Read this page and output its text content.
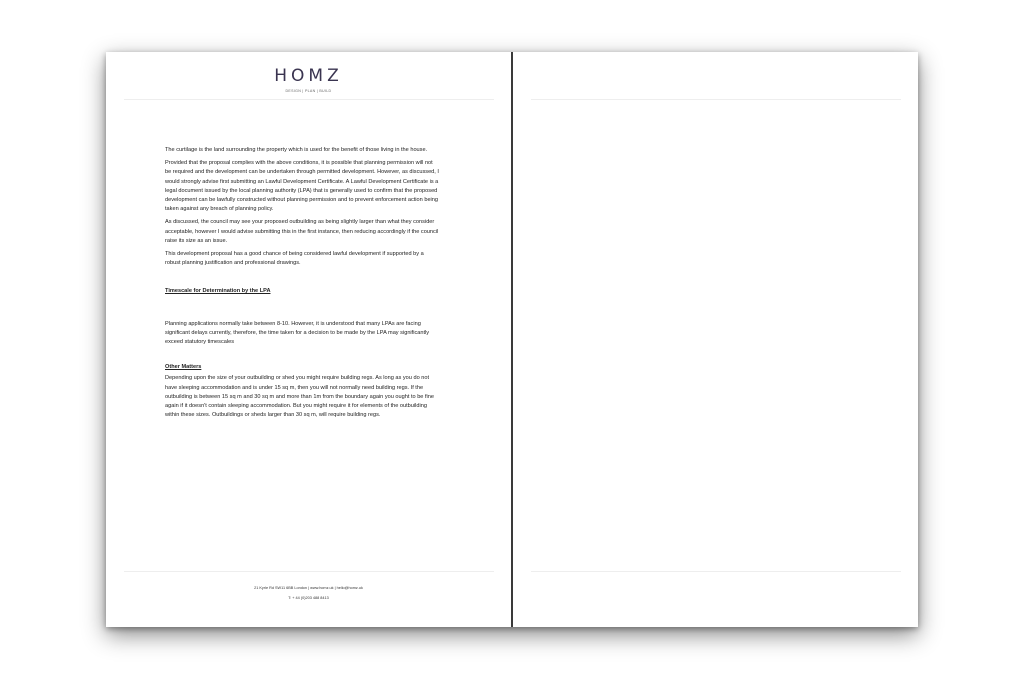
HOMZ
DESIGN | PLAN | BUILD

The curtilage is the land surrounding the property which is used for the benefit of those living in the house.

Provided that the proposal complies with the above conditions, it is possible that planning permission will not be required and the development can be undertaken through permitted development. However, as discussed, I would strongly advise first submitting an Lawful Development Certificate. A Lawful Development Certificate is a legal document issued by the local planning authority (LPA) that is generally used to confirm that the proposed development can be lawfully constructed without planning permission and to prevent enforcement action being taken against any breach of planning policy.

As discussed, the council may see your proposed outbuilding as being slightly larger than what they consider acceptable, however I would advise submitting this in the first instance, then reducing accordingly if the council raise its size as an issue.

This development proposal has a good chance of being considered lawful development if supported by a robust planning justification and professional drawings.

Timescale for Determination by the LPA

Planning applications normally take between 8-10. However, it is understood that many LPAs are facing significant delays currently, therefore, the time taken for a decision to be made by the LPA may significantly exceed statutory timescales

Other Matters

Depending upon the size of your outbuilding or shed you might require building regs. As long as you do not have sleeping accommodation and is under 15 sq m, then you will not normally need building regs. If the outbuilding is between 15 sq m and 30 sq m and more than 1m from the boundary again you ought to be fine again if it doesn't contain sleeping accommodation. But you might require it for elements of the outbuilding within these sizes. Outbuildings or sheds larger than 30 sq m, will require building regs.

21 Kyrle Rd SW11 6BB London | www.homz.uk | hello@homz.uk
T: + 44 (0)203 488 8413
